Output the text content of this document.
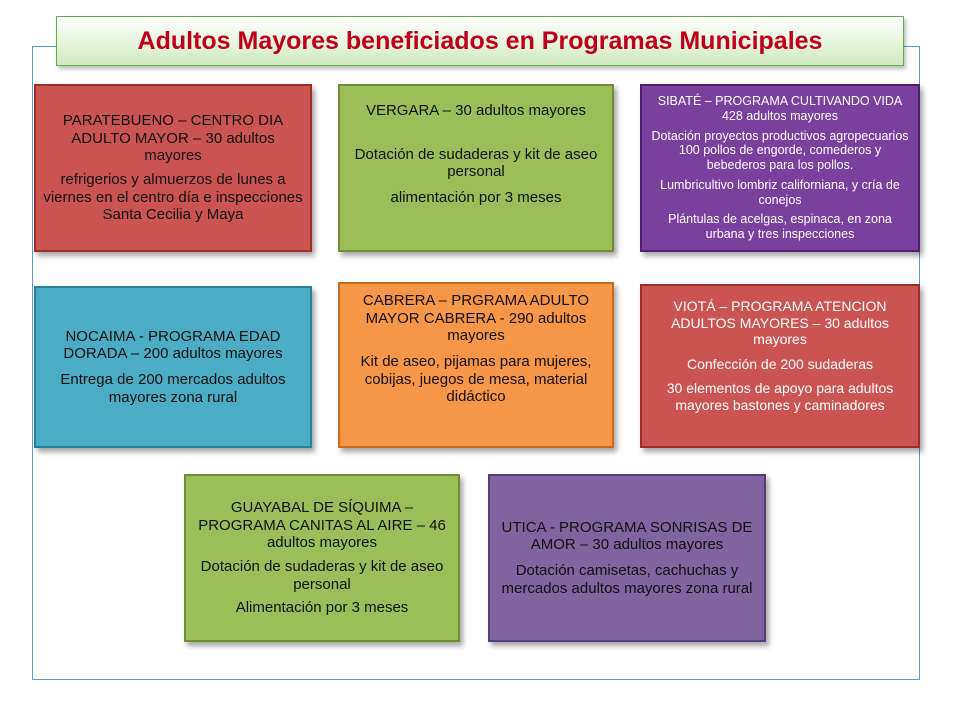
Adultos Mayores beneficiados en Programas Municipales

PARATEBUENO – CENTRO DIA ADULTO MAYOR – 30 adultos mayores

refrigerios y almuerzos de lunes a viernes en el centro día e inspecciones Santa Cecilia y Maya

VERGARA – 30 adultos mayores

Dotación de sudaderas y kit de aseo personal

alimentación por 3 meses

SIBATÉ – PROGRAMA CULTIVANDO VIDA 428 adultos mayores

Dotación proyectos productivos agropecuarios 100 pollos de engorde, comederos y bebederos para los pollos.

Lumbricultivo lombriz californiana, y cría de conejos

Plántulas de acelgas, espinaca, en zona urbana y tres inspecciones

NOCAIMA - PROGRAMA EDAD DORADA – 200 adultos mayores

Entrega de 200 mercados adultos mayores zona rural

CABRERA – PRGRAMA ADULTO MAYOR CABRERA - 290 adultos mayores

Kit de aseo, pijamas para mujeres, cobijas, juegos de mesa, material didáctico

VIOTÁ – PROGRAMA ATENCION ADULTOS MAYORES – 30 adultos mayores

Confección de 200 sudaderas

30 elementos de apoyo para adultos mayores bastones y caminadores

GUAYABAL DE SÍQUIMA – PROGRAMA CANITAS AL AIRE – 46 adultos mayores

Dotación de sudaderas y kit de aseo personal

Alimentación por 3 meses

UTICA - PROGRAMA SONRISAS DE AMOR – 30 adultos mayores

Dotación camisetas, cachuchas y mercados adultos mayores zona rural
